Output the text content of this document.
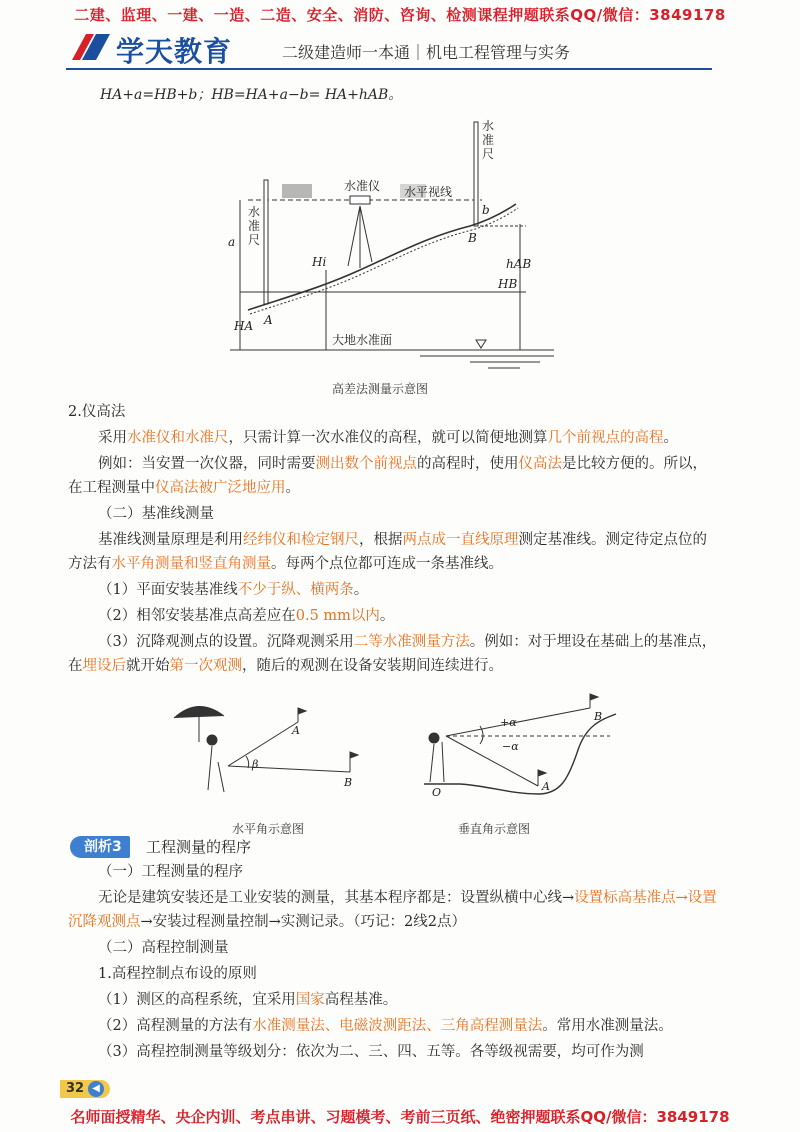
二建、监理、一建、一造、二造、安全、消防、咨询、检测课程押题联系QQ/微信：3849178
学天教育	二级建造师一本通｜机电工程管理与实务
HA+a=HB+b；HB=HA+a−b= HA+hAB。
水
准
尺
水
准
尺
水准仪 水平视线
大地水准面
a
b
A
B
Hi
HA
HB
hAB
高差法测量示意图
2.仪高法
采用水准仪和水准尺，只需计算一次水准仪的高程，就可以简便地测算几个前视点的高程。
例如：当安置一次仪器，同时需要测出数个前视点的高程时，使用仪高法是比较方便的。所以，在工程测量中仪高法被广泛地应用。
（二）基准线测量
基准线测量原理是利用经纬仪和检定钢尺，根据两点成一直线原理测定基准线。测定待定点位的方法有水平角测量和竖直角测量。每两个点位都可连成一条基准线。
（1）平面安装基准线不少于纵、横两条。
（2）相邻安装基准点高差应在0.5 mm以内。
（3）沉降观测点的设置。沉降观测采用二等水准测量方法。例如：对于埋设在基础上的基准点，在埋设后就开始第一次观测，随后的观测在设备安装期间连续进行。
A
B
β
水平角示意图
+α
−α
A
B
O
垂直角示意图
剖析3	工程测量的程序
（一）工程测量的程序
无论是建筑安装还是工业安装的测量，其基本程序都是：设置纵横中心线→设置标高基准点→设置沉降观测点→安装过程测量控制→实测记录。（巧记：2线2点）
（二）高程控制测量
1.高程控制点布设的原则
（1）测区的高程系统，宜采用国家高程基准。
（2）高程测量的方法有水准测量法、电磁波测距法、三角高程测量法。常用水准测量法。
（3）高程控制测量等级划分：依次为二、三、四、五等。各等级视需要，均可作为测
32 ◀
名师面授精华、央企内训、考点串讲、习题模考、考前三页纸、绝密押题联系QQ/微信：3849178
